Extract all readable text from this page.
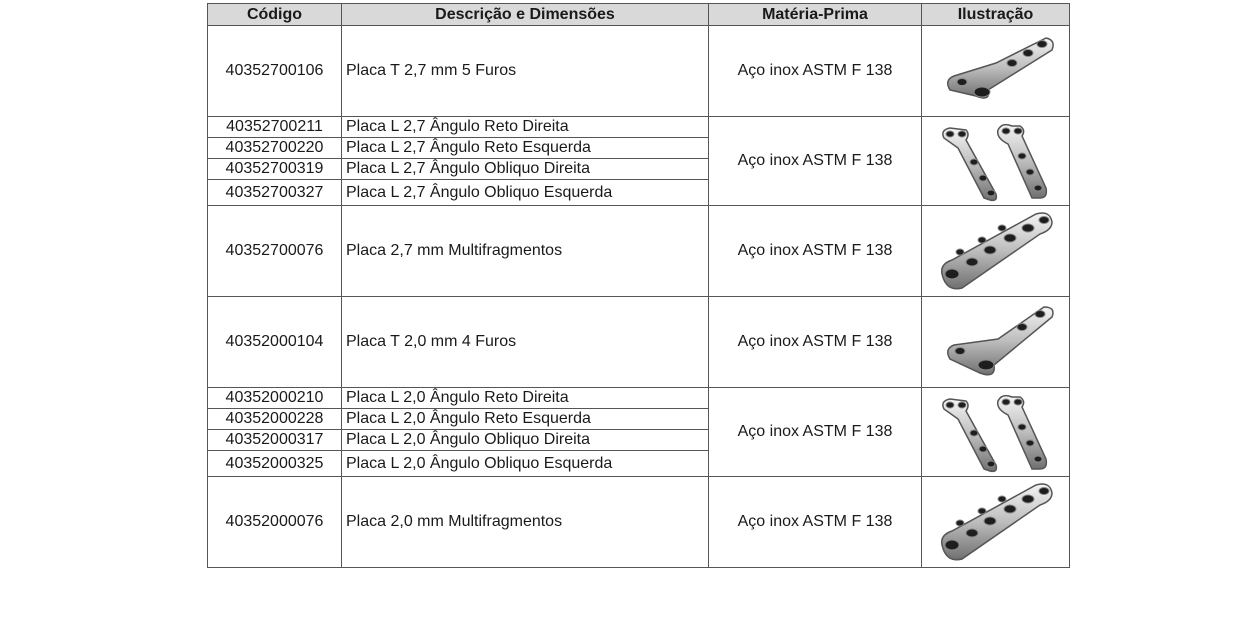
Código	Descrição e Dimensões	Matéria-Prima	Ilustração
40352700106	Placa T 2,7 mm 5 Furos	Aço inox ASTM F 138	

40352700211	Placa L 2,7 Ângulo Reto Direita	Aço inox ASTM F 138	

40352700220	Placa L 2,7 Ângulo Reto Esquerda		
40352700319	Placa L 2,7 Ângulo Obliquo Direita		
40352700327	Placa L 2,7 Ângulo Obliquo Esquerda		
40352700076	Placa 2,7 mm Multifragmentos	Aço inox ASTM F 138	

40352000104	Placa T 2,0 mm 4 Furos	Aço inox ASTM F 138	

40352000210	Placa L 2,0 Ângulo Reto Direita	Aço inox ASTM F 138	

40352000228	Placa L 2,0 Ângulo Reto Esquerda		
40352000317	Placa L 2,0 Ângulo Obliquo Direita		
40352000325	Placa L 2,0 Ângulo Obliquo Esquerda		
40352000076	Placa 2,0 mm Multifragmentos	Aço inox ASTM F 138	
